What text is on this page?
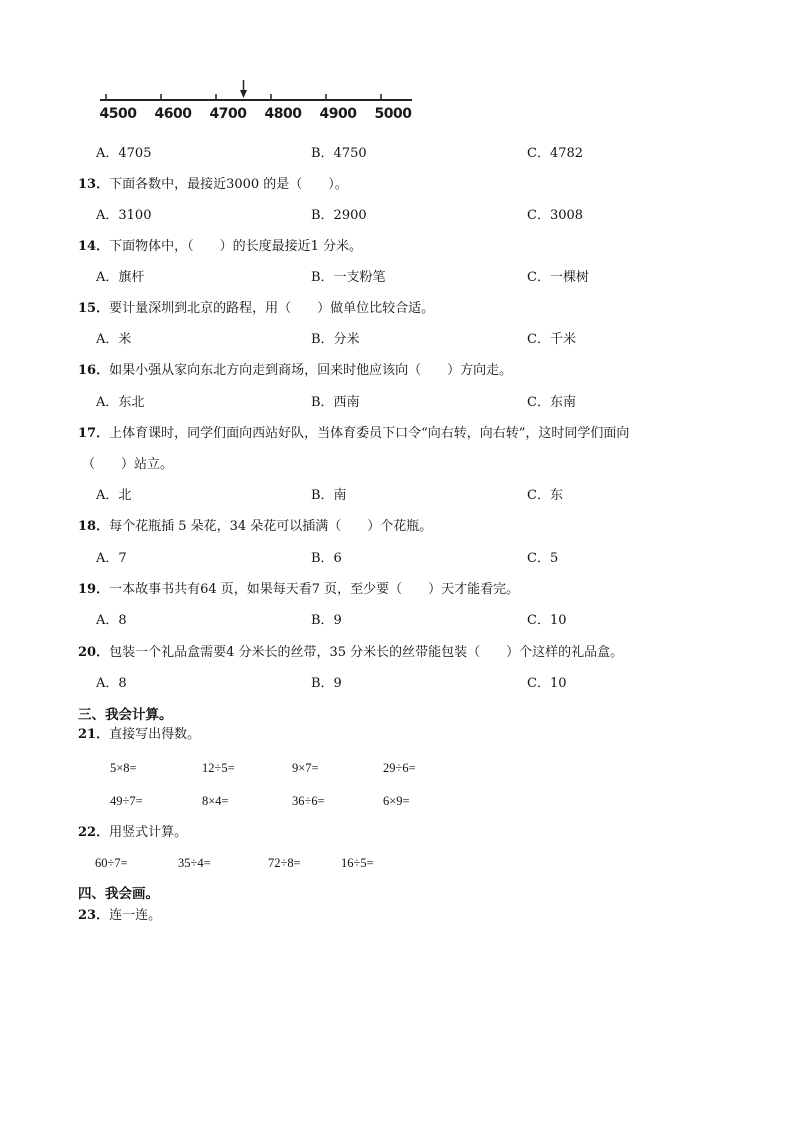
4500 4600 4700 4800 4900 5000
A．4705	B．4750	C．4782
13．下面各数中，最接近3000 的是（　　）。
A．3100	B．2900	C．3008
14．下面物体中，（　　）的长度最接近1 分米。
A．旗杆	B．一支粉笔	C．一棵树
15．要计量深圳到北京的路程，用（　　）做单位比较合适。
A．米	B．分米	C．千米
16．如果小强从家向东北方向走到商场，回来时他应该向（　　）方向走。
A．东北	B．西南	C．东南
17．上体育课时，同学们面向西站好队，当体育委员下口令“向右转，向右转”，这时同学们面向
（　　）站立。
A．北	B．南	C．东
18．每个花瓶插 5 朵花，34 朵花可以插满（　　）个花瓶。
A．7	B．6	C．5
19．一本故事书共有64 页，如果每天看7 页，至少要（　　）天才能看完。
A．8	B．9	C．10
20．包装一个礼品盒需要4 分米长的丝带，35 分米长的丝带能包装（　　）个这样的礼品盒。
A．8	B．9	C．10
三、我会计算。
21．直接写出得数。
5×8=	12÷5=	9×7=	29÷6=
49÷7=	8×4=	36÷6=	6×9=
22．用竖式计算。
60÷7=	35÷4=	72÷8=	16÷5=
四、我会画。
23．连一连。
